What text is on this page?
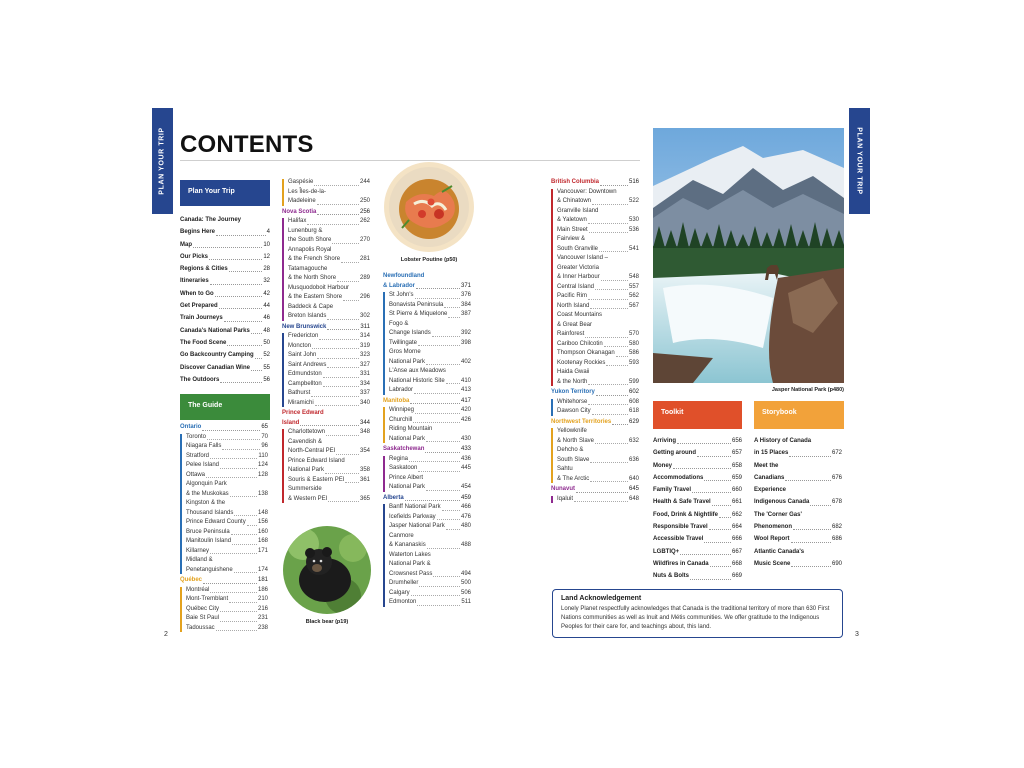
PLAN YOUR TRIP CONTENTS
Plan Your Trip
Canada: The Journey
Begins Here	4
Map	10
Our Picks	12
Regions & Cities	28
Itineraries	32
When to Go	42
Get Prepared	44
Train Journeys	46
Canada's National Parks 48
The Food Scene	50
Go Backcountry Camping 52
Discover Canadian Wine 55
The Outdoors	56
The Guide
Ontario	65
Toronto	70
Niagara Falls	96
Stratford	110
Pelee Island	124
Ottawa	128
Algonquin Park
& the Muskokas	138
Kingston & the
Thousand Islands	148
Prince Edward County 156
Bruce Peninsula	160
Manitoulin Island	168
Killarney	171
Midland &
Penetanguishene	174
Québec	181
Montréal	186
Mont-Tremblant	210
Québec City	216
Baie St Paul	231
Tadoussac	238
Gaspésie	244
Les Îles-de-la-
Madeleine	250
Nova Scotia	256
Halifax	262
Lunenburg &
the South Shore	270
Annapolis Royal
& the French Shore	281
Tatamagouche
& the North Shore	289
Musquodoboit Harbour
& the Eastern Shore	296
Baddeck & Cape
Breton Islands	302
New Brunswick	311
Fredericton	314
Moncton	319
Saint John	323
Saint Andrews	327
Edmundston	331
Campbellton	334
Bathurst	337
Miramichi	340
Prince Edward
Island	344
Charlottetown	348
Cavendish &
North-Central PEI	354
Prince Edward Island
National Park	358
Souris & Eastern PEI	361
Summerside
& Western PEI	365
Lobster Poutine (p50)
Black bear (p19)
Newfoundland
& Labrador	371
St John's	376
Bonavista Peninsula	384
St Pierre & Miquelone 387
Fogo &
Change Islands	392
Twillingate	398
Gros Morne
National Park	402
L'Anse aux Meadows
National Historic Site	410
Labrador	413
Manitoba	417
Winnipeg	420
Churchill	426
Riding Mountain
National Park	430
Saskatchewan	433
Regina	436
Saskatoon	445
Prince Albert
National Park	454
Alberta	459
Banff National Park	466
Icefields Parkway	476
Jasper National Park	480
Canmore
& Kananaskis	488
Waterton Lakes
National Park &
Crowsnest Pass	494
Drumheller	500
Calgary	506
Edmonton	511
2
British Columbia	516
Vancouver: Downtown
& Chinatown	522
Granville Island
& Yaletown	530
Main Street	536
Fairview &
South Granville	541
Vancouver Island –
Greater Victoria
& Inner Harbour	548
Central Island	557
Pacific Rim	562
North Island	567
Coast Mountains
& Great Bear
Rainforest	570
Cariboo Chilcotin	580
Thompson Okanagan 586
Kootenay Rockies	593
Haida Gwaii
& the North	599
Yukon Territory	602
Whitehorse	608
Dawson City	618
Northwest Territories	629
Yellowknife
& North Slave	632
Dehcho &
South Slave	636
Sahtu
& The Arctic	640
Nunavut	645
Iqaluit	648
Jasper National Park (p480)
Toolkit
Arriving	656
Getting around	657
Money	658
Accommodations	659
Family Travel	660
Health & Safe Travel	661
Food, Drink & Nightlife 662
Responsible Travel	664
Accessible Travel	666
LGBTIQ+	667
Wildfires in Canada	668
Nuts & Bolts	669
Storybook
A History of Canada
in 15 Places	672
Meet the
Canadians	676
Experience
Indigenous Canada	678
The 'Corner Gas'
Phenomenon	682
Wool Report	686
Atlantic Canada's
Music Scene	690
Land Acknowledgement
Lonely Planet respectfully acknowledges that Canada is the traditional territory of more than 630 First Nations communities as well as Inuit and Métis communities. We offer gratitude to the Indigenous Peoples for their care for, and teachings about, this land.
PLAN YOUR TRIP
3
